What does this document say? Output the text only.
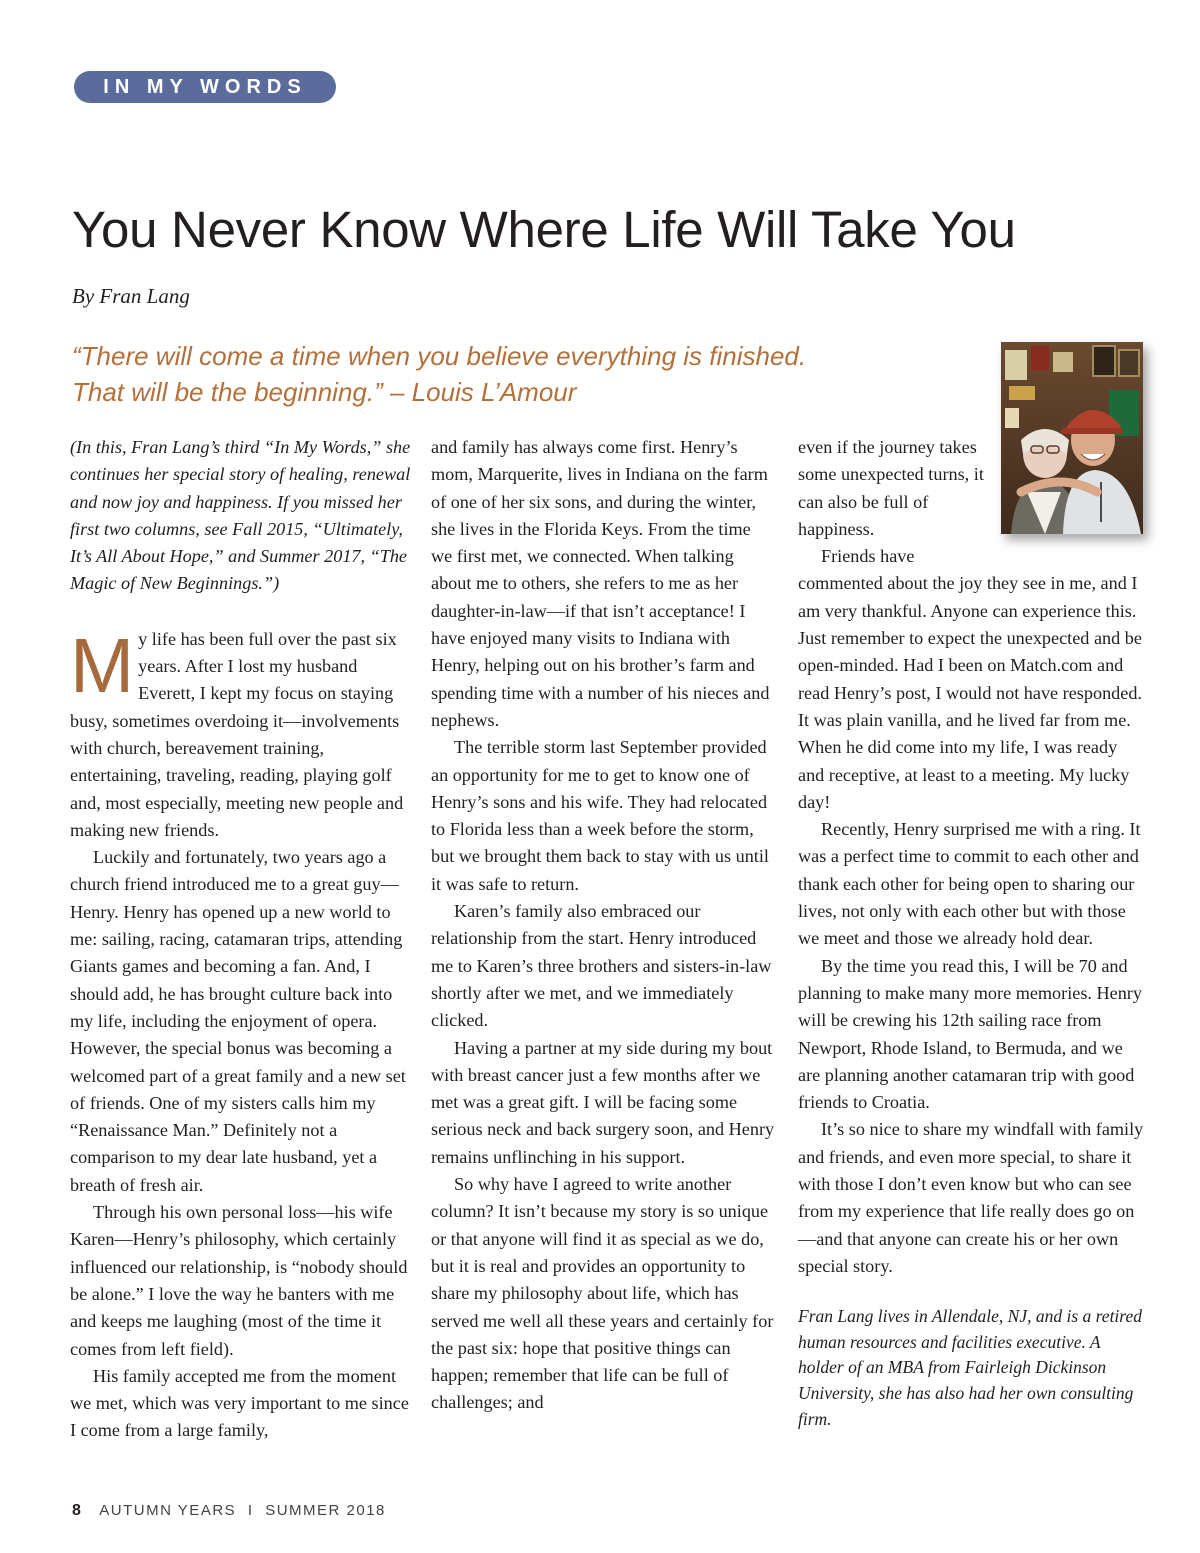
IN MY WORDS
You Never Know Where Life Will Take You
By Fran Lang
“There will come a time when you believe everything is finished.
That will be the beginning.” – Louis L’Amour

(In this, Fran Lang’s third “In My Words,” she continues her special story of healing, renewal and now joy and happiness. If you missed her first two columns, see Fall 2015, “Ultimately, It’s All About Hope,” and Summer 2017, “The Magic of New Beginnings.”)

My life has been full over the past six years. After I lost my husband Everett, I kept my focus on staying busy, sometimes overdoing it—involvements with church, bereavement training, entertaining, traveling, reading, playing golf and, most especially, meeting new people and making new friends.

Luckily and fortunately, two years ago a church friend introduced me to a great guy—Henry. Henry has opened up a new world to me: sailing, racing, catamaran trips, attending Giants games and becoming a fan. And, I should add, he has brought culture back into my life, including the enjoyment of opera. However, the special bonus was becoming a welcomed part of a great family and a new set of friends. One of my sisters calls him my “Renaissance Man.” Definitely not a comparison to my dear late husband, yet a breath of fresh air.

Through his own personal loss—his wife Karen—Henry’s philosophy, which certainly influenced our relationship, is “nobody should be alone.” I love the way he banters with me and keeps me laughing (most of the time it comes from left field).

His family accepted me from the moment we met, which was very important to me since I come from a large family,

and family has always come first. Henry’s mom, Marquerite, lives in Indiana on the farm of one of her six sons, and during the winter, she lives in the Florida Keys. From the time we first met, we connected. When talking about me to others, she refers to me as her daughter-in-law—if that isn’t acceptance! I have enjoyed many visits to Indiana with Henry, helping out on his brother’s farm and spending time with a number of his nieces and nephews.

The terrible storm last September provided an opportunity for me to get to know one of Henry’s sons and his wife. They had relocated to Florida less than a week before the storm, but we brought them back to stay with us until it was safe to return.

Karen’s family also embraced our relationship from the start. Henry introduced me to Karen’s three brothers and sisters-in-law shortly after we met, and we immediately clicked.

Having a partner at my side during my bout with breast cancer just a few months after we met was a great gift. I will be facing some serious neck and back surgery soon, and Henry remains unflinching in his support.

So why have I agreed to write another column? It isn’t because my story is so unique or that anyone will find it as special as we do, but it is real and provides an opportunity to share my philosophy about life, which has served me well all these years and certainly for the past six: hope that positive things can happen; remember that life can be full of challenges; and

even if the journey takes some unexpected turns, it can also be full of happiness.

Friends have commented about the joy they see in me, and I am very thankful. Anyone can experience this. Just remember to expect the unexpected and be open-minded. Had I been on Match.com and read Henry’s post, I would not have responded. It was plain vanilla, and he lived far from me. When he did come into my life, I was ready and receptive, at least to a meeting. My lucky day!

Recently, Henry surprised me with a ring. It was a perfect time to commit to each other and thank each other for being open to sharing our lives, not only with each other but with those we meet and those we already hold dear.

By the time you read this, I will be 70 and planning to make many more memories. Henry will be crewing his 12th sailing race from Newport, Rhode Island, to Bermuda, and we are planning another catamaran trip with good friends to Croatia.

It’s so nice to share my windfall with family and friends, and even more special, to share it with those I don’t even know but who can see from my experience that life really does go on—and that anyone can create his or her own special story.

Fran Lang lives in Allendale, NJ, and is a retired human resources and facilities executive. A holder of an MBA from Fairleigh Dickinson University, she has also had her own consulting firm.

8 AUTUMN YEARS I SUMMER 2018
